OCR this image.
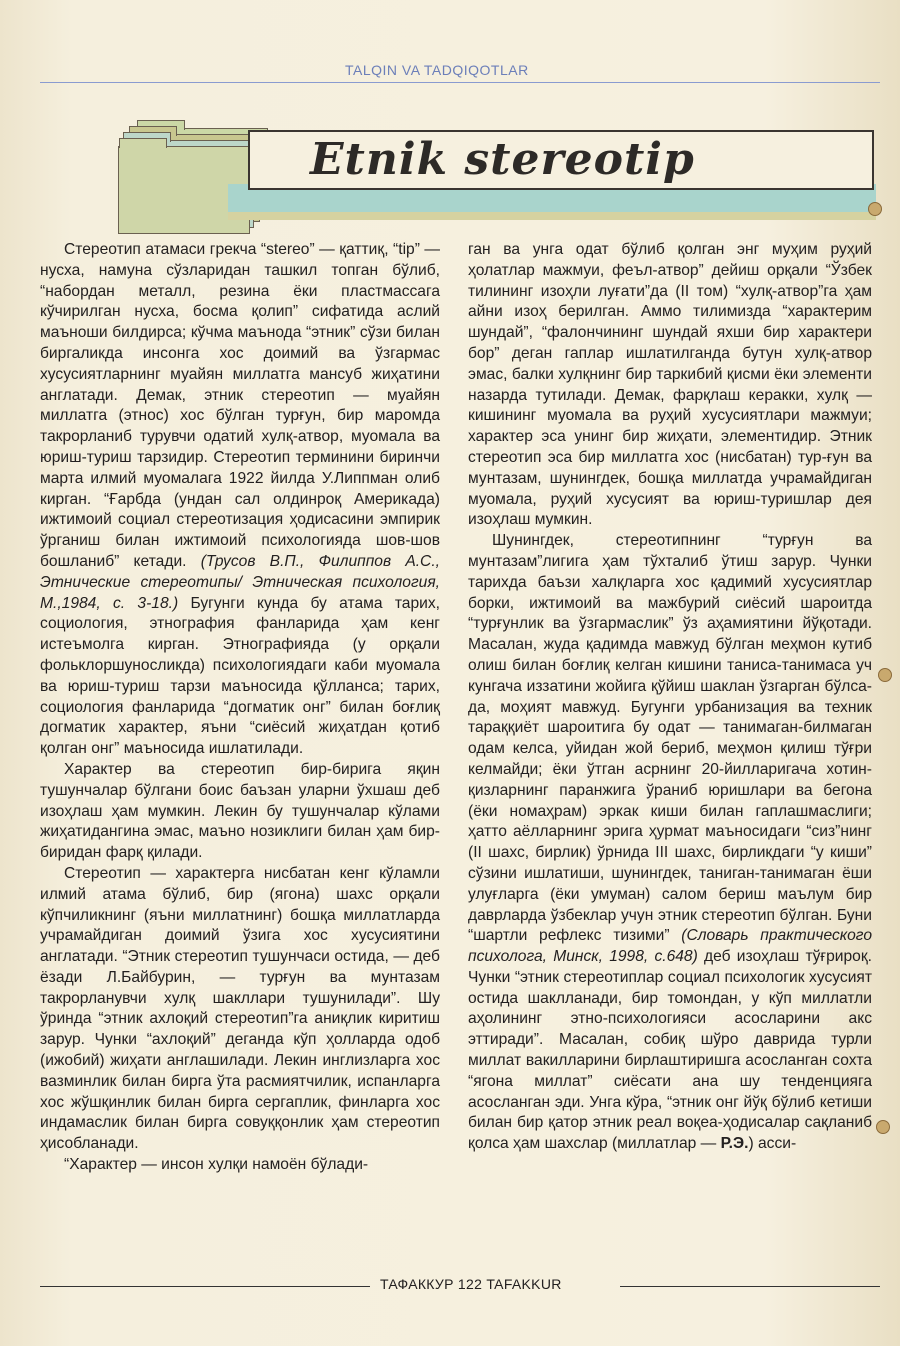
TALQIN VA TADQIQOTLAR
Etnik stereotip

Стереотип атамаси грекча “stereo” — қаттиқ, “tip” — нусха, намуна сўзларидан ташкил топган бўлиб, “набордан металл, резина ёки пластмассага кўчирилган нусха, босма қолип” сифатида аслий маъноши билдирса; кўчма маънода “этник” сўзи билан биргаликда инсонга хос доимий ва ўзгармас хусусиятларнинг муайян миллатга мансуб жиҳатини англатади. Демак, этник стереотип — муайян миллатга (этнос) хос бўлган турғун, бир маромда такрорланиб турувчи одатий хулқ-атвор, муомала ва юриш-туриш тарзидир. Стереотип терминини биринчи марта илмий муомалага 1922 йилда У.Липпман олиб кирган. “Ғарбда (ундан сал олдинроқ Америкада) ижтимоий социал стереотизация ҳодисасини эмпирик ўрганиш билан ижтимоий психологияда шов-шов бошланиб” кетади. (Трусов В.П., Филиппов А.С., Этнические стереотипы/ Этническая психология, М.,1984, с. 3-18.) Бугунги кунда бу атама тарих, социология, этнография фанларида ҳам кенг истеъмолга кирган. Этнографияда (у орқали фольклоршуносликда) психологиядаги каби муомала ва юриш-туриш тарзи маъносида қўлланса; тарих, социология фанларида “догматик онг” билан боғлиқ догматик характер, яъни “сиёсий жиҳатдан қотиб қолган онг” маъносида ишлатилади.

Характер ва стереотип бир-бирига яқин тушунчалар бўлгани боис баъзан уларни ўхшаш деб изоҳлаш ҳам мумкин. Лекин бу тушунчалар кўлами жиҳатидангина эмас, маъно нозиклиги билан ҳам бир-биридан фарқ қилади.

Стереотип — характерга нисбатан кенг кўламли илмий атама бўлиб, бир (ягона) шахс орқали кўпчиликнинг (яъни миллатнинг) бошқа миллатларда учрамайдиган доимий ўзига хос хусусиятини англатади. “Этник стереотип тушунчаси остида, — деб ёзади Л.Байбурин, — турғун ва мунтазам такрорланувчи хулқ шакллари тушунилади”. Шу ўринда “этник ахлоқий стереотип”га аниқлик киритиш зарур. Чунки “ахлоқий” деганда кўп ҳолларда одоб (ижобий) жиҳати англашилади. Лекин инглизларга хос вазминлик билан бирга ўта расмиятчилик, испанларга хос жўшқинлик билан бирга сергаплик, финларга хос индамаслик билан бирга совуққонлик ҳам стереотип ҳисобланади.

“Характер — инсон хулқи намоён бўлади-

ган ва унга одат бўлиб қолган энг муҳим руҳий ҳолатлар мажмуи, феъл-атвор” дейиш орқали “Ўзбек тилининг изоҳли луғати”да (II том) “хулқ-атвор”га ҳам айни изоҳ берилган. Аммо тилимизда “характерим шундай”, “фалончининг шундай яхши бир характери бор” деган гаплар ишлатилганда бутун хулқ-атвор эмас, балки хулқнинг бир таркибий қисми ёки элементи назарда тутилади. Демак, фарқлаш керакки, хулқ — кишининг муомала ва руҳий хусусиятлари мажмуи; характер эса унинг бир жиҳати, элементидир. Этник стереотип эса бир миллатга хос (нисбатан) тур-ғун ва мунтазам, шунингдек, бошқа миллатда учрамайдиган муомала, руҳий хусусият ва юриш-туришлар дея изоҳлаш мумкин.

Шунингдек, стереотипнинг “турғун ва мунтазам”лигига ҳам тўхталиб ўтиш зарур. Чунки тарихда баъзи халқларга хос қадимий хусусиятлар борки, ижтимоий ва мажбурий сиёсий шароитда “турғунлик ва ўзгармаслик” ўз аҳамиятини йўқотади. Масалан, жуда қадимда мавжуд бўлган меҳмон кутиб олиш билан боғлиқ келган кишини таниса-танимаса уч кунгача иззатини жойига қўйиш шаклан ўзгарган бўлса-да, моҳият мавжуд. Бугунги урбанизация ва техник тараққиёт шароитига бу одат — танимаган-билмаган одам келса, уйидан жой бериб, меҳмон қилиш тўғри келмайди; ёки ўтган асрнинг 20-йилларигача хотин-қизларнинг паранжига ўраниб юришлари ва бегона (ёки номаҳрам) эркак киши билан гаплашмаслиги; ҳатто аёлларнинг эрига ҳурмат маъносидаги “сиз”нинг (II шахс, бирлик) ўрнида III шахс, бирликдаги “у киши” сўзини ишлатиши, шунингдек, таниган-танимаган ёши улуғларга (ёки умуман) салом бериш маълум бир даврларда ўзбеклар учун этник стереотип бўлган. Буни “шартли рефлекс тизими” (Словарь практического психолога, Минск, 1998, с.648) деб изоҳлаш тўғрироқ. Чунки “этник стереотиплар социал психологик хусусият остида шаклланади, бир томондан, у кўп миллатли аҳолининг этно-психологияси асосларини акс эттиради”. Масалан, собиқ шўро даврида турли миллат вакилларини бирлаштиришга асосланган сохта “ягона миллат” сиёсати ана шу тенденцияга асосланган эди. Унга кўра, “этник онг йўқ бўлиб кетиши билан бир қатор этник реал воқеа-ҳодисалар сақланиб қолса ҳам шахслар (миллатлар — Р.Э.) асси-

ТАФАККУР 122 TAFAKKUR
